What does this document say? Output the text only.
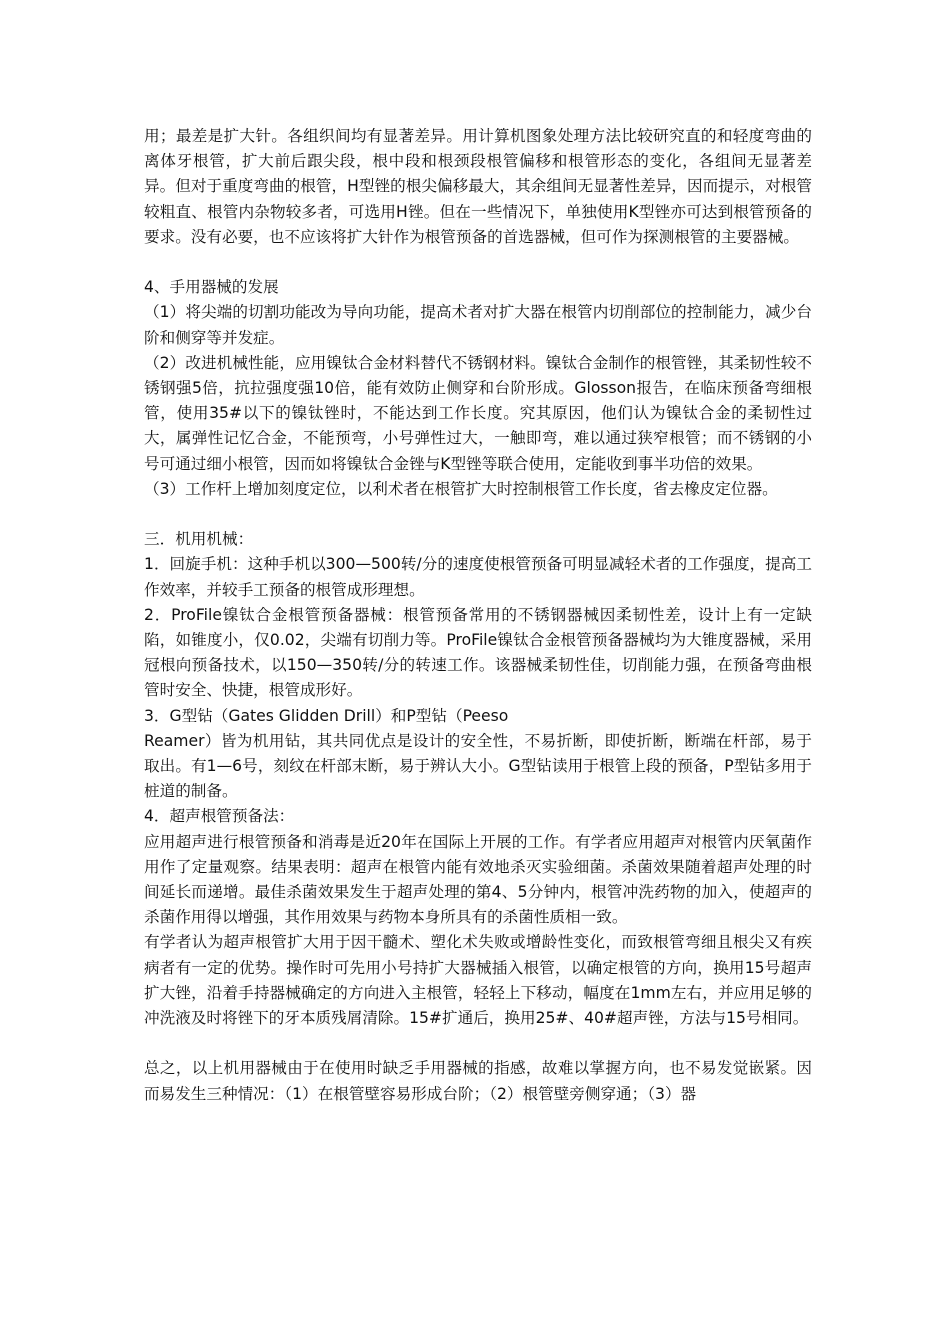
用；最差是扩大针。各组织间均有显著差异。用计算机图象处理方法比较研究直的和轻度弯曲的离体牙根管，扩大前后跟尖段，根中段和根颈段根管偏移和根管形态的变化，各组间无显著差异。但对于重度弯曲的根管，H型锉的根尖偏移最大，其余组间无显著性差异，因而提示，对根管较粗直、根管内杂物较多者，可选用H锉。但在一些情况下，单独使用K型锉亦可达到根管预备的要求。没有必要，也不应该将扩大针作为根管预备的首选器械，但可作为探测根管的主要器械。

4、手用器械的发展

（1）将尖端的切割功能改为导向功能，提高术者对扩大器在根管内切削部位的控制能力，减少台阶和侧穿等并发症。

（2）改进机械性能，应用镍钛合金材料替代不锈钢材料。镍钛合金制作的根管锉，其柔韧性较不锈钢强5倍，抗拉强度强10倍，能有效防止侧穿和台阶形成。Glosson报告，在临床预备弯细根管，使用35#以下的镍钛锉时，不能达到工作长度。究其原因，他们认为镍钛合金的柔韧性过大，属弹性记忆合金，不能预弯，小号弹性过大，一触即弯，难以通过狭窄根管；而不锈钢的小号可通过细小根管，因而如将镍钛合金锉与K型锉等联合使用，定能收到事半功倍的效果。

（3）工作杆上增加刻度定位，以利术者在根管扩大时控制根管工作长度，省去橡皮定位器。

三．机用机械：

1．回旋手机：这种手机以300—500转/分的速度使根管预备可明显减轻术者的工作强度，提高工作效率，并较手工预备的根管成形理想。

2．ProFile镍钛合金根管预备器械：根管预备常用的不锈钢器械因柔韧性差，设计上有一定缺陷，如锥度小，仅0.02，尖端有切削力等。ProFile镍钛合金根管预备器械均为大锥度器械，采用冠根向预备技术，以150—350转/分的转速工作。该器械柔韧性佳，切削能力强，在预备弯曲根管时安全、快捷，根管成形好。

3．G型钻（Gates Glidden Drill）和P型钻（Peeso

Reamer）皆为机用钻，其共同优点是设计的安全性，不易折断，即使折断，断端在杆部，易于取出。有1—6号，刻纹在杆部末断，易于辨认大小。G型钻读用于根管上段的预备，P型钻多用于桩道的制备。

4．超声根管预备法：

应用超声进行根管预备和消毒是近20年在国际上开展的工作。有学者应用超声对根管内厌氧菌作用作了定量观察。结果表明：超声在根管内能有效地杀灭实验细菌。杀菌效果随着超声处理的时间延长而递增。最佳杀菌效果发生于超声处理的第4、5分钟内，根管冲洗药物的加入，使超声的杀菌作用得以增强，其作用效果与药物本身所具有的杀菌性质相一致。

有学者认为超声根管扩大用于因干髓术、塑化术失败或增龄性变化，而致根管弯细且根尖又有疾病者有一定的优势。操作时可先用小号持扩大器械插入根管，以确定根管的方向，换用15号超声扩大锉，沿着手持器械确定的方向进入主根管，轻轻上下移动，幅度在1mm左右，并应用足够的冲洗液及时将锉下的牙本质残屑清除。15#扩通后，换用25#、40#超声锉，方法与15号相同。

总之，以上机用器械由于在使用时缺乏手用器械的指感，故难以掌握方向，也不易发觉嵌紧。因而易发生三种情况：（1）在根管壁容易形成台阶；（2）根管壁旁侧穿通；（3）器
